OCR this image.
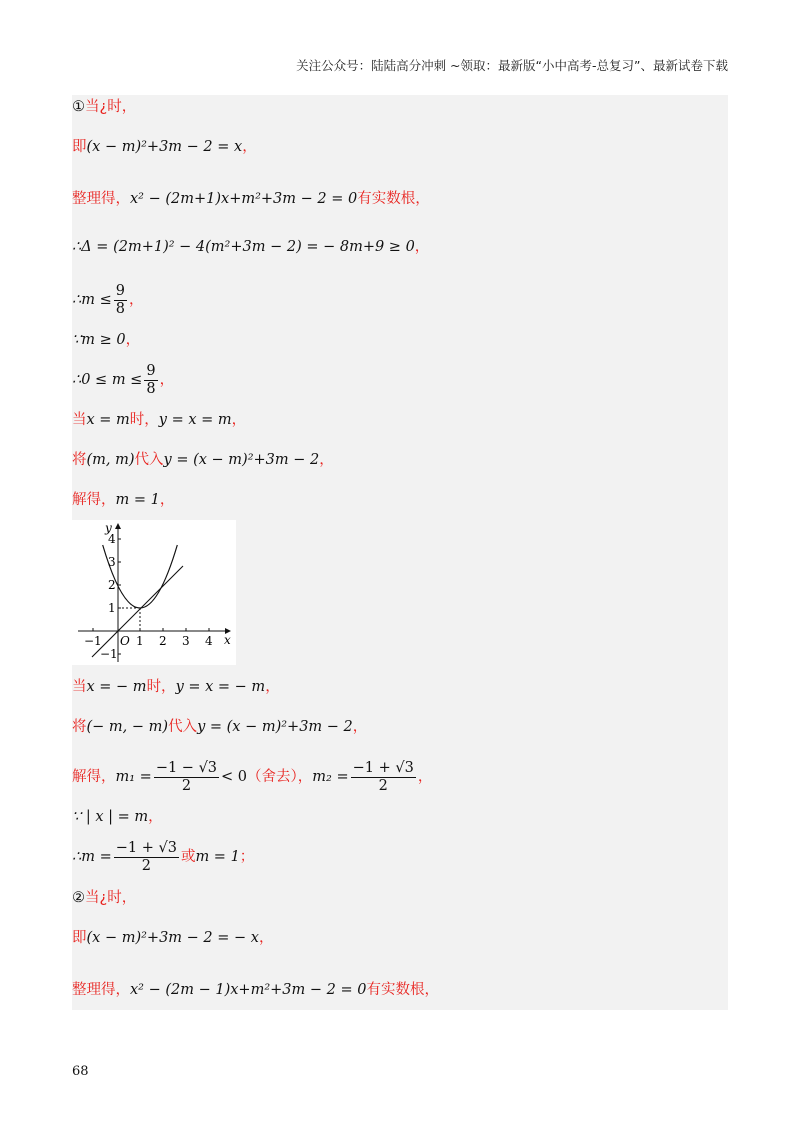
关注公众号：陆陆高分冲刺 ~领取：最新版“小中高考-总复习”、最新试卷下载
①当¿时，
即(x − m)²+3m − 2 = x，
整理得，x² − (2m+1)x+m²+3m − 2 = 0有实数根，
∴Δ = (2m+1)² − 4(m²+3m − 2) = − 8m+9 ≥ 0，
∴m ≤ $\frac{9}{8}$ ，
∵m ≥ 0，
∴0 ≤ $m \le \frac{9}{8}$ ，
当x = m时，y = x = m，
将(m, m)代入y = (x − m)²+3m − 2，
解得，m = 1，
y
x
O
−1	1 2 3 4
4
3
2
1
−1
当x = − m时，y = x = − m，
将(− m, − m)代入y = (x − m)²+3m − 2，
解得，$m_1 = \frac{-1 - √3}{2} < 0$（舍去），$m_2 = \frac{-1 + √3}{2}$ ，
∵ | x | = m，
∴m = $\frac{-1 + √3}{2}$ 或m = 1；
②当¿时，
即(x − m)²+3m − 2 = − x，
整理得，x² − (2m − 1)x+m²+3m − 2 = 0有实数根，
68
